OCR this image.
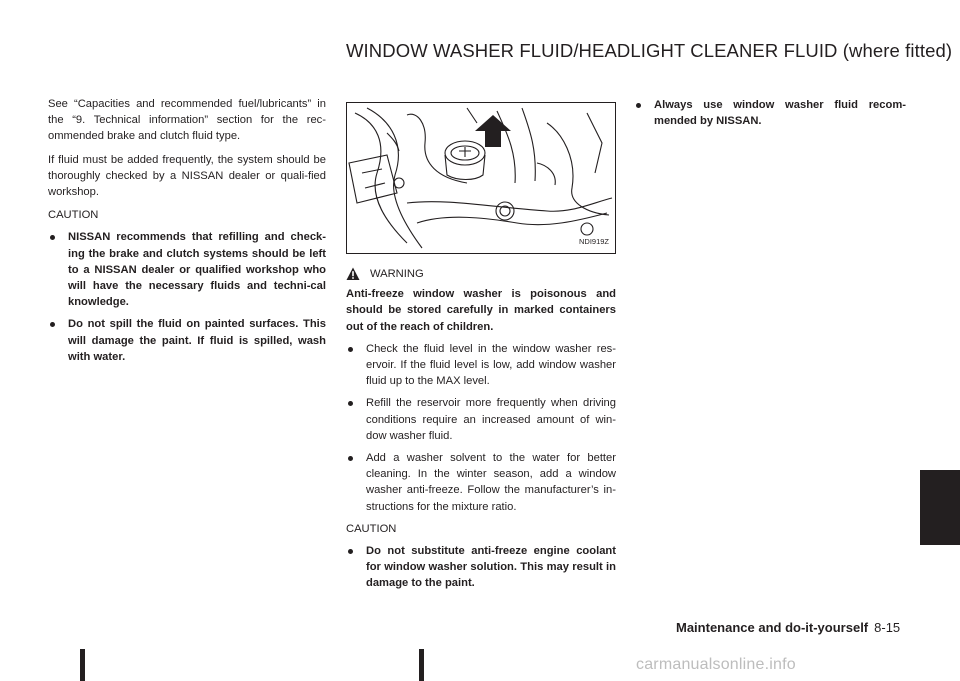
WINDOW WASHER FLUID/HEADLIGHT CLEANER FLUID (where fitted)

See “Capacities and recommended fuel/lubricants” in the “9. Technical information” section for the rec-ommended brake and clutch fluid type.

If fluid must be added frequently, the system should be thoroughly checked by a NISSAN dealer or quali-fied workshop.

CAUTION

NISSAN recommends that refilling and check-ing the brake and clutch systems should be left to a NISSAN dealer or qualified workshop who will have the necessary fluids and techni-cal knowledge.
Do not spill the fluid on painted surfaces. This will damage the paint. If fluid is spilled, wash with water.
NDI919Z
WARNING

Anti-freeze window washer is poisonous and should be stored carefully in marked containers out of the reach of children.

Check the fluid level in the window washer res-ervoir. If the fluid level is low, add window washer fluid up to the MAX level.
Refill the reservoir more frequently when driving conditions require an increased amount of win-dow washer fluid.
Add a washer solvent to the water for better cleaning. In the winter season, add a window washer anti-freeze. Follow the manufacturer’s in-structions for the mixture ratio.

CAUTION

Do not substitute anti-freeze engine coolant for window washer solution. This may result in damage to the paint.
Always use window washer fluid recom-mended by NISSAN.
Maintenance and do-it-yourself 8-15
carmanualsonline.info
